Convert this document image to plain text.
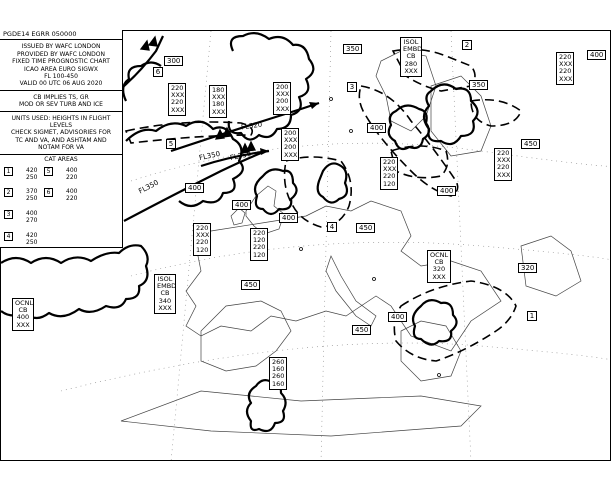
PGDE14 EGRR 050000
ISSUED BY WAFC LONDON
PROVIDED BY WAFC LONDON
FIXED TIME PROGNOSTIC CHART
ICAO AREA EURO SIGWX
FL 100-450
VALID 00 UTC 06 AUG 2020
CB IMPLIES TS, GR
MOD OR SEV TURB AND ICE
UNITS USED: HEIGHTS IN FLIGHT LEVELS
CHECK SIGMET, ADVISORIES FOR
TC AND VA, AND ASHTAM AND
NOTAM FOR VA
CAT AREAS
1	420
250
2	370
250
3	400
270
4	420
250
5	400
220
6	400
220
ISOL
EMBD
CB
280
XXX
ISOL
EMBD
CB
340
XXX
OCNL
CB
400
XXX
OCNL
CB
320
XXX
220
XXX
220
XXX
180
XXX
180
XXX
200
XXX
200
XXX
200
XXX
200
XXX
220
XXX
220
120
220
XXX
220
120
220
120
220
120
220
XXX
220
XXX
220
XXX
220
XXX
260
160
260
160
350
300
400
400
350
400
450
400
400
400
450
450
320
400
450
1
2
3
4
5
6
FL320
FL350 FL350
FL350
